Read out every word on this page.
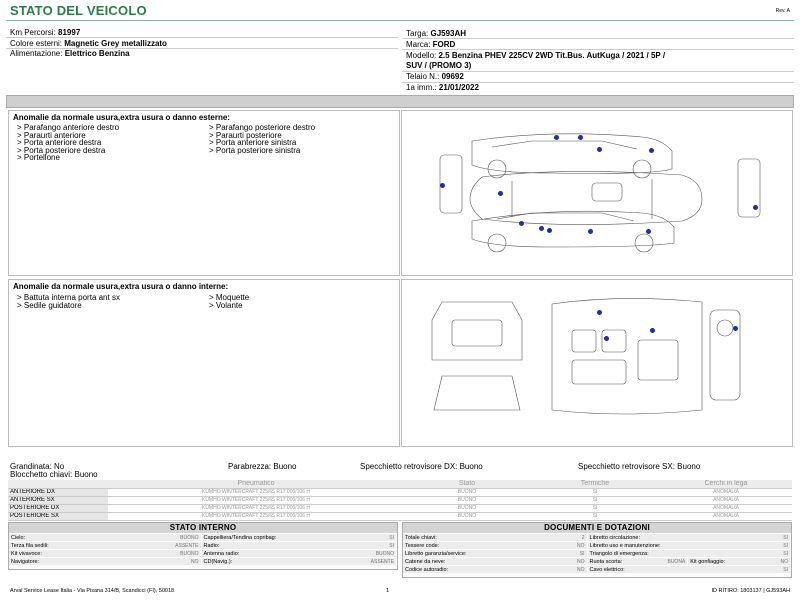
STATO DEL VEICOLO	Rev. A
Km Percorsi: 81997
Colore esterni: Magnetic Grey metallizzato
Alimentazione: Elettrico Benzina
Targa: GJ593AH
Marca: FORD
Modello: 2.5 Benzina PHEV 225CV 2WD Tit.Bus. AutKuga / 2021 / 5P /
SUV / (PROMO 3)
Telaio N.: 09692
1a imm.: 21/01/2022
Anomalie da normale usura,extra usura o danno esterne:
> Parafango anteriore destro
> Paraurti anteriore
> Porta anteriore destra
> Porta posteriore destra
> Portellone
> Parafango posteriore destro
> Paraurti posteriore
> Porta anteriore sinistra
> Porta posteriore sinistra
Anomalie da normale usura,extra usura o danno interne:
> Battuta interna porta ant sx
> Sedile guidatore
> Moquette
> Volante
Grandinata: No	Parabrezza: Buono	Specchietto retrovisore DX: Buono	Specchietto retrovisore SX: Buono
Blocchetto chiavi: Buono
	Pneumatico	Stato	Termiche	Cerchi in lega
ANTERIORE DX	KUMHO WINTERCRAFT 225/65 R17 000/106 H	BUONO	SI	ANOMALIA
ANTERIORE SX	KUMHO WINTERCRAFT 225/65 R17 000/106 H	BUONO	SI	ANOMALIA
POSTERIORE DX	KUMHO WINTERCRAFT 225/65 R17 000/106 H	BUONO	SI	ANOMALIA
POSTERIORE SX	KUMHO WINTERCRAFT 225/65 R17 000/106 H	BUONO	SI	ANOMALIA
STATO INTERNO
Cielo:	BUONO Cappelliera/Tendina copribag:	SI
Terza fila sedili:	ASSENTE Radio:	SI
Kit vivavoce:	BUONO Antenna radio:	BUONO
Navigatore:	NO CD(Navig.):	ASSENTE
DOCUMENTI E DOTAZIONI
Totale chiavi:	2 Libretto circolazione:	SI
Tessere code:	NO Libretto uso e manutenzione:	SI
Libretto garanzia/service:	SI Triangolo di emergenza:	SI
Catene da neve:	NO Ruota scorta:	BUONA Kit gonfiaggio:	NO
Codice autoradio:	NO Cavo elettrico:	SI
Arval Service Lease Italia - Via Pisana 314/B, Scandicci (FI), 50018	1	ID RITIRO: 1803137 | GJ593AH
